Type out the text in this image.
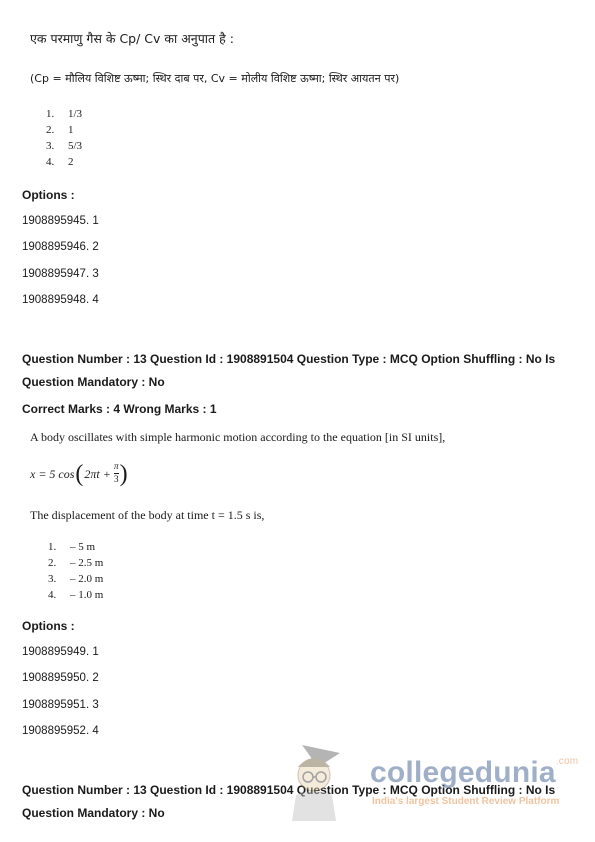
एक परमाणु गैस के Cp/ Cv का अनुपात है :
(Cp = मौलिय विशिष्ट ऊष्मा; स्थिर दाब पर, Cv = मोलीय विशिष्ट ऊष्मा; स्थिर आयतन पर)
1. 1/3
2. 1
3. 5/3
4. 2
Options :
1908895945. 1
1908895946. 2
1908895947. 3
1908895948. 4
Question Number : 13 Question Id : 1908891504 Question Type : MCQ Option Shuffling : No Is
Question Mandatory : No
Correct Marks : 4 Wrong Marks : 1
A body oscillates with simple harmonic motion according to the equation [in SI units],
x = 5 cos ( $2\pi t + \frac{\pi}{3}$ )
The displacement of the body at time t = 1.5 s is,
1. – 5 m
2. – 2.5 m
3. – 2.0 m
4. – 1.0 m
Options :
1908895949. 1
1908895950. 2
1908895951. 3
1908895952. 4
Question Number : 13 Question Id : 1908891504 Question Type : MCQ Option Shuffling : No Is
Question Mandatory : No
collegedunia$^{.com}$
India's largest Student Review Platform
